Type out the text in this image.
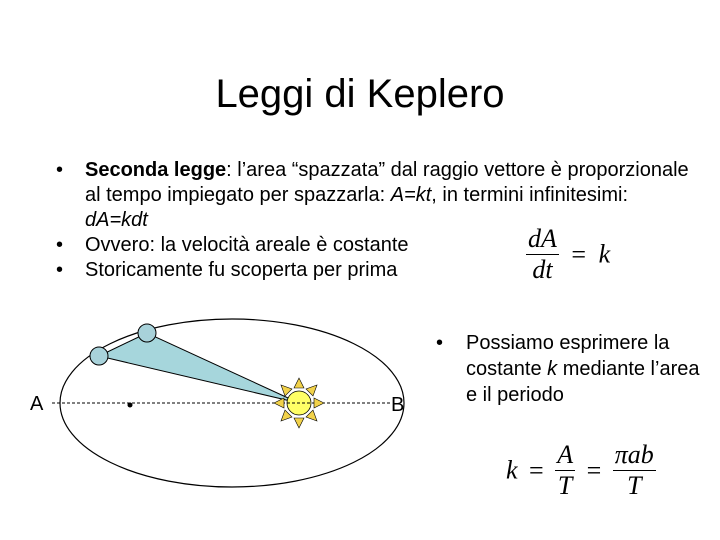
Leggi di Keplero
• Seconda legge: l’area “spazzata” dal raggio vettore è proporzionale al tempo impiegato per spazzarla: A=kt, in termini infinitesimi: dA=kdt
• Ovvero: la velocità areale è costante
• Storicamente fu scoperta per prima	$\frac{dA}{dt} = k$
A	B
• Possiamo esprimere la costante k mediante l’area e il periodo
$k = \frac{A}{T} = \frac{\text{πab}}{T}$
